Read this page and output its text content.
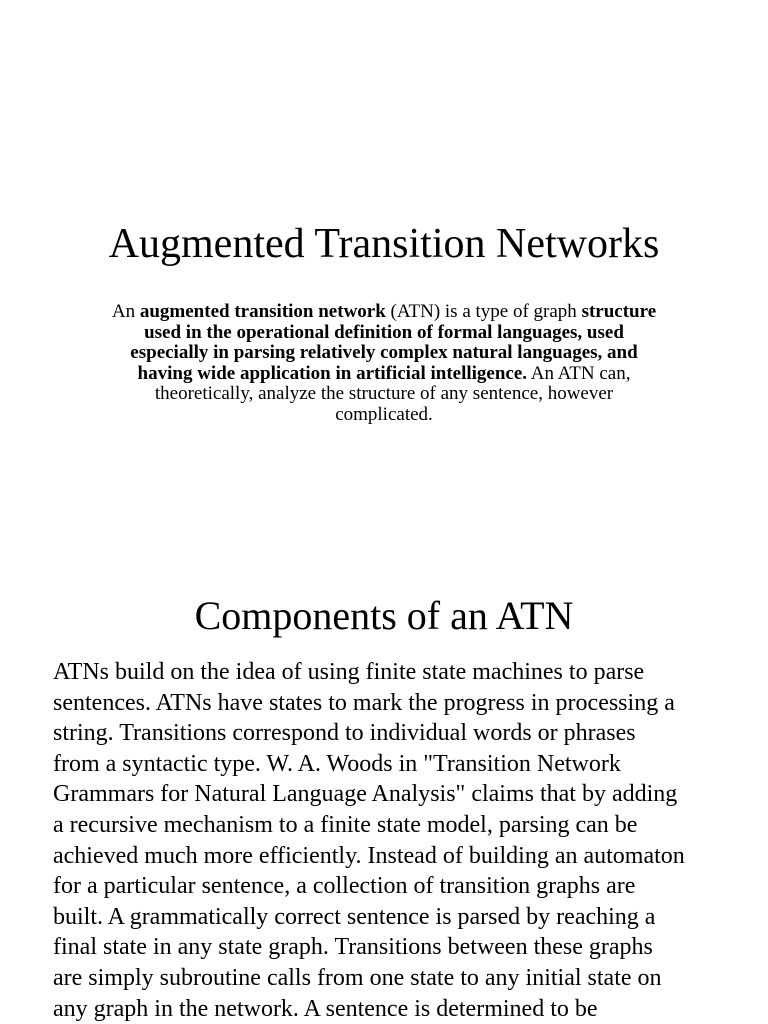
Augmented Transition Networks
An augmented transition network (ATN) is a type of graph structure used in the operational definition of formal languages, used especially in parsing relatively complex natural languages, and having wide application in artificial intelligence. An ATN can, theoretically, analyze the structure of any sentence, however complicated.
Components of an ATN
ATNs build on the idea of using finite state machines to parse
sentences. ATNs have states to mark the progress in processing a
string. Transitions correspond to individual words or phrases
from a syntactic type. W. A. Woods in "Transition Network
Grammars for Natural Language Analysis" claims that by adding
a recursive mechanism to a finite state model, parsing can be
achieved much more efficiently. Instead of building an automaton
for a particular sentence, a collection of transition graphs are
built. A grammatically correct sentence is parsed by reaching a
final state in any state graph. Transitions between these graphs
are simply subroutine calls from one state to any initial state on
any graph in the network. A sentence is determined to be
